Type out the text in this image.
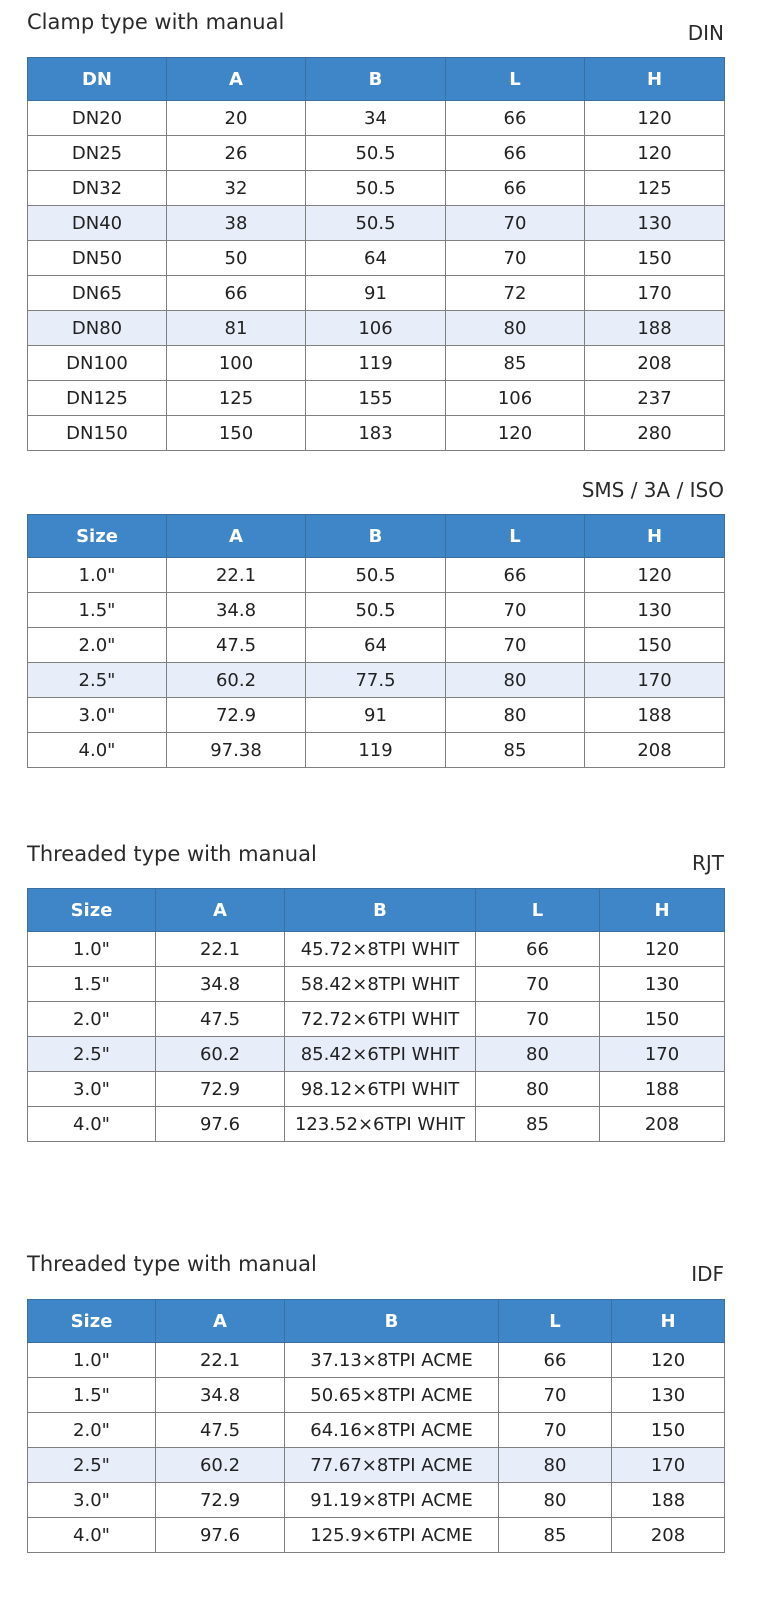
Clamp type with manual	DIN
DN	A	B	L	H
DN20	20	34	66	120
DN25	26	50.5	66	120
DN32	32	50.5	66	125
DN40	38	50.5	70	130
DN50	50	64	70	150
DN65	66	91	72	170
DN80	81	106	80	188
DN100	100	119	85	208
DN125	125	155	106	237
DN150	150	183	120	280
SMS / 3A / ISO
Size	A	B	L	H
1.0"	22.1	50.5	66	120
1.5"	34.8	50.5	70	130
2.0"	47.5	64	70	150
2.5"	60.2	77.5	80	170
3.0"	72.9	91	80	188
4.0"	97.38	119	85	208
Threaded type with manual	RJT
Size	A	B	L	H
1.0"	22.1	45.72×8TPI WHIT	66	120
1.5"	34.8	58.42×8TPI WHIT	70	130
2.0"	47.5	72.72×6TPI WHIT	70	150
2.5"	60.2	85.42×6TPI WHIT	80	170
3.0"	72.9	98.12×6TPI WHIT	80	188
4.0"	97.6	123.52×6TPI WHIT	85	208
Threaded type with manual	IDF
Size	A	B	L	H
1.0"	22.1	37.13×8TPI ACME	66	120
1.5"	34.8	50.65×8TPI ACME	70	130
2.0"	47.5	64.16×8TPI ACME	70	150
2.5"	60.2	77.67×8TPI ACME	80	170
3.0"	72.9	91.19×8TPI ACME	80	188
4.0"	97.6	125.9×6TPI ACME	85	208
